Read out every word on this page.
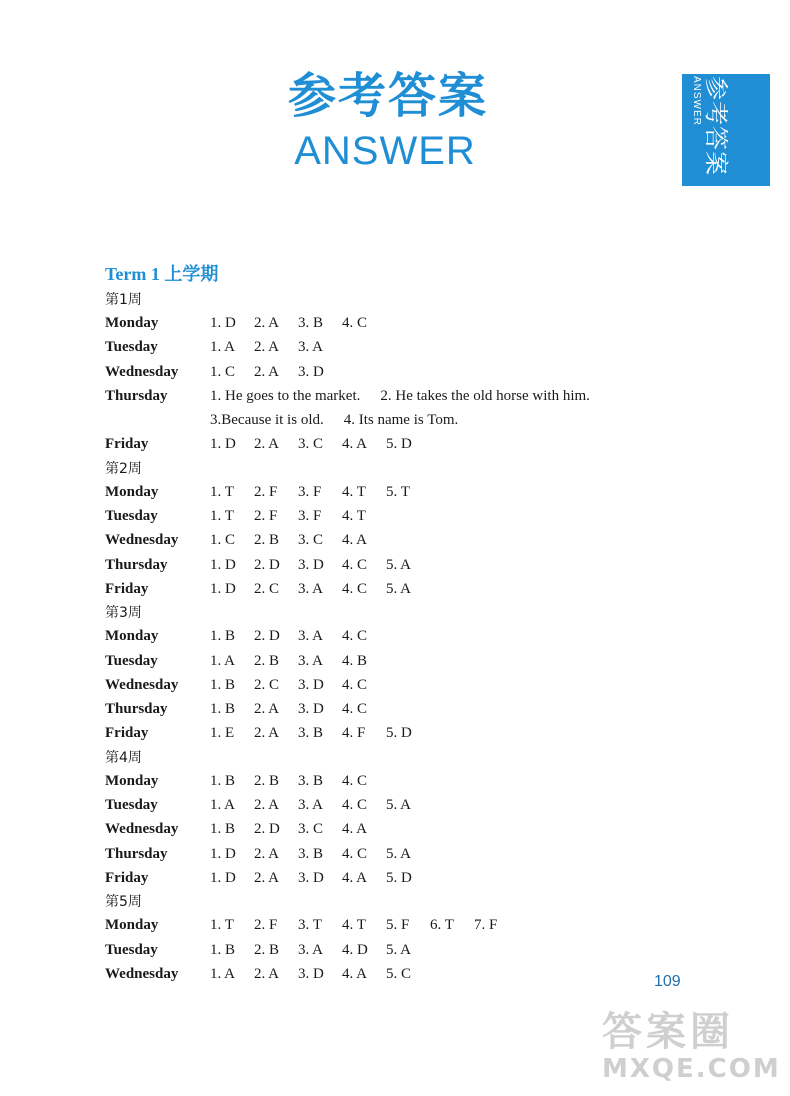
参考答案
ANSWER	参考答案
ANSWER
Term 1 上学期
第1周
Monday	1. D	2. A	3. B	4. C
Tuesday	1. A	2. A	3. A
Wednesday	1. C	2. A	3. D
Thursday	1. He goes to the market. 2. He takes the old horse with him.
3.Because it is old. 4. Its name is Tom.
Friday	1. D	2. A	3. C	4. A	5. D
第2周
Monday	1. T	2. F	3. F	4. T	5. T
Tuesday	1. T	2. F	3. F	4. T
Wednesday	1. C	2. B	3. C	4. A
Thursday	1. D	2. D	3. D	4. C	5. A
Friday	1. D	2. C	3. A	4. C	5. A
第3周
Monday	1. B	2. D	3. A	4. C
Tuesday	1. A	2. B	3. A	4. B
Wednesday	1. B	2. C	3. D	4. C
Thursday	1. B	2. A	3. D	4. C
Friday	1. E	2. A	3. B	4. F	5. D
第4周
Monday	1. B	2. B	3. B	4. C
Tuesday	1. A	2. A	3. A	4. C	5. A
Wednesday	1. B	2. D	3. C	4. A
Thursday	1. D	2. A	3. B	4. C	5. A
Friday	1. D	2. A	3. D	4. A	5. D
第5周
Monday	1. T	2. F	3. T	4. T	5. F	6. T	7. F
Tuesday	1. B	2. B	3. A	4. D	5. A
Wednesday	1. A	2. A	3. D	4. A	5. C	109
答案圈
MXQE.COM
